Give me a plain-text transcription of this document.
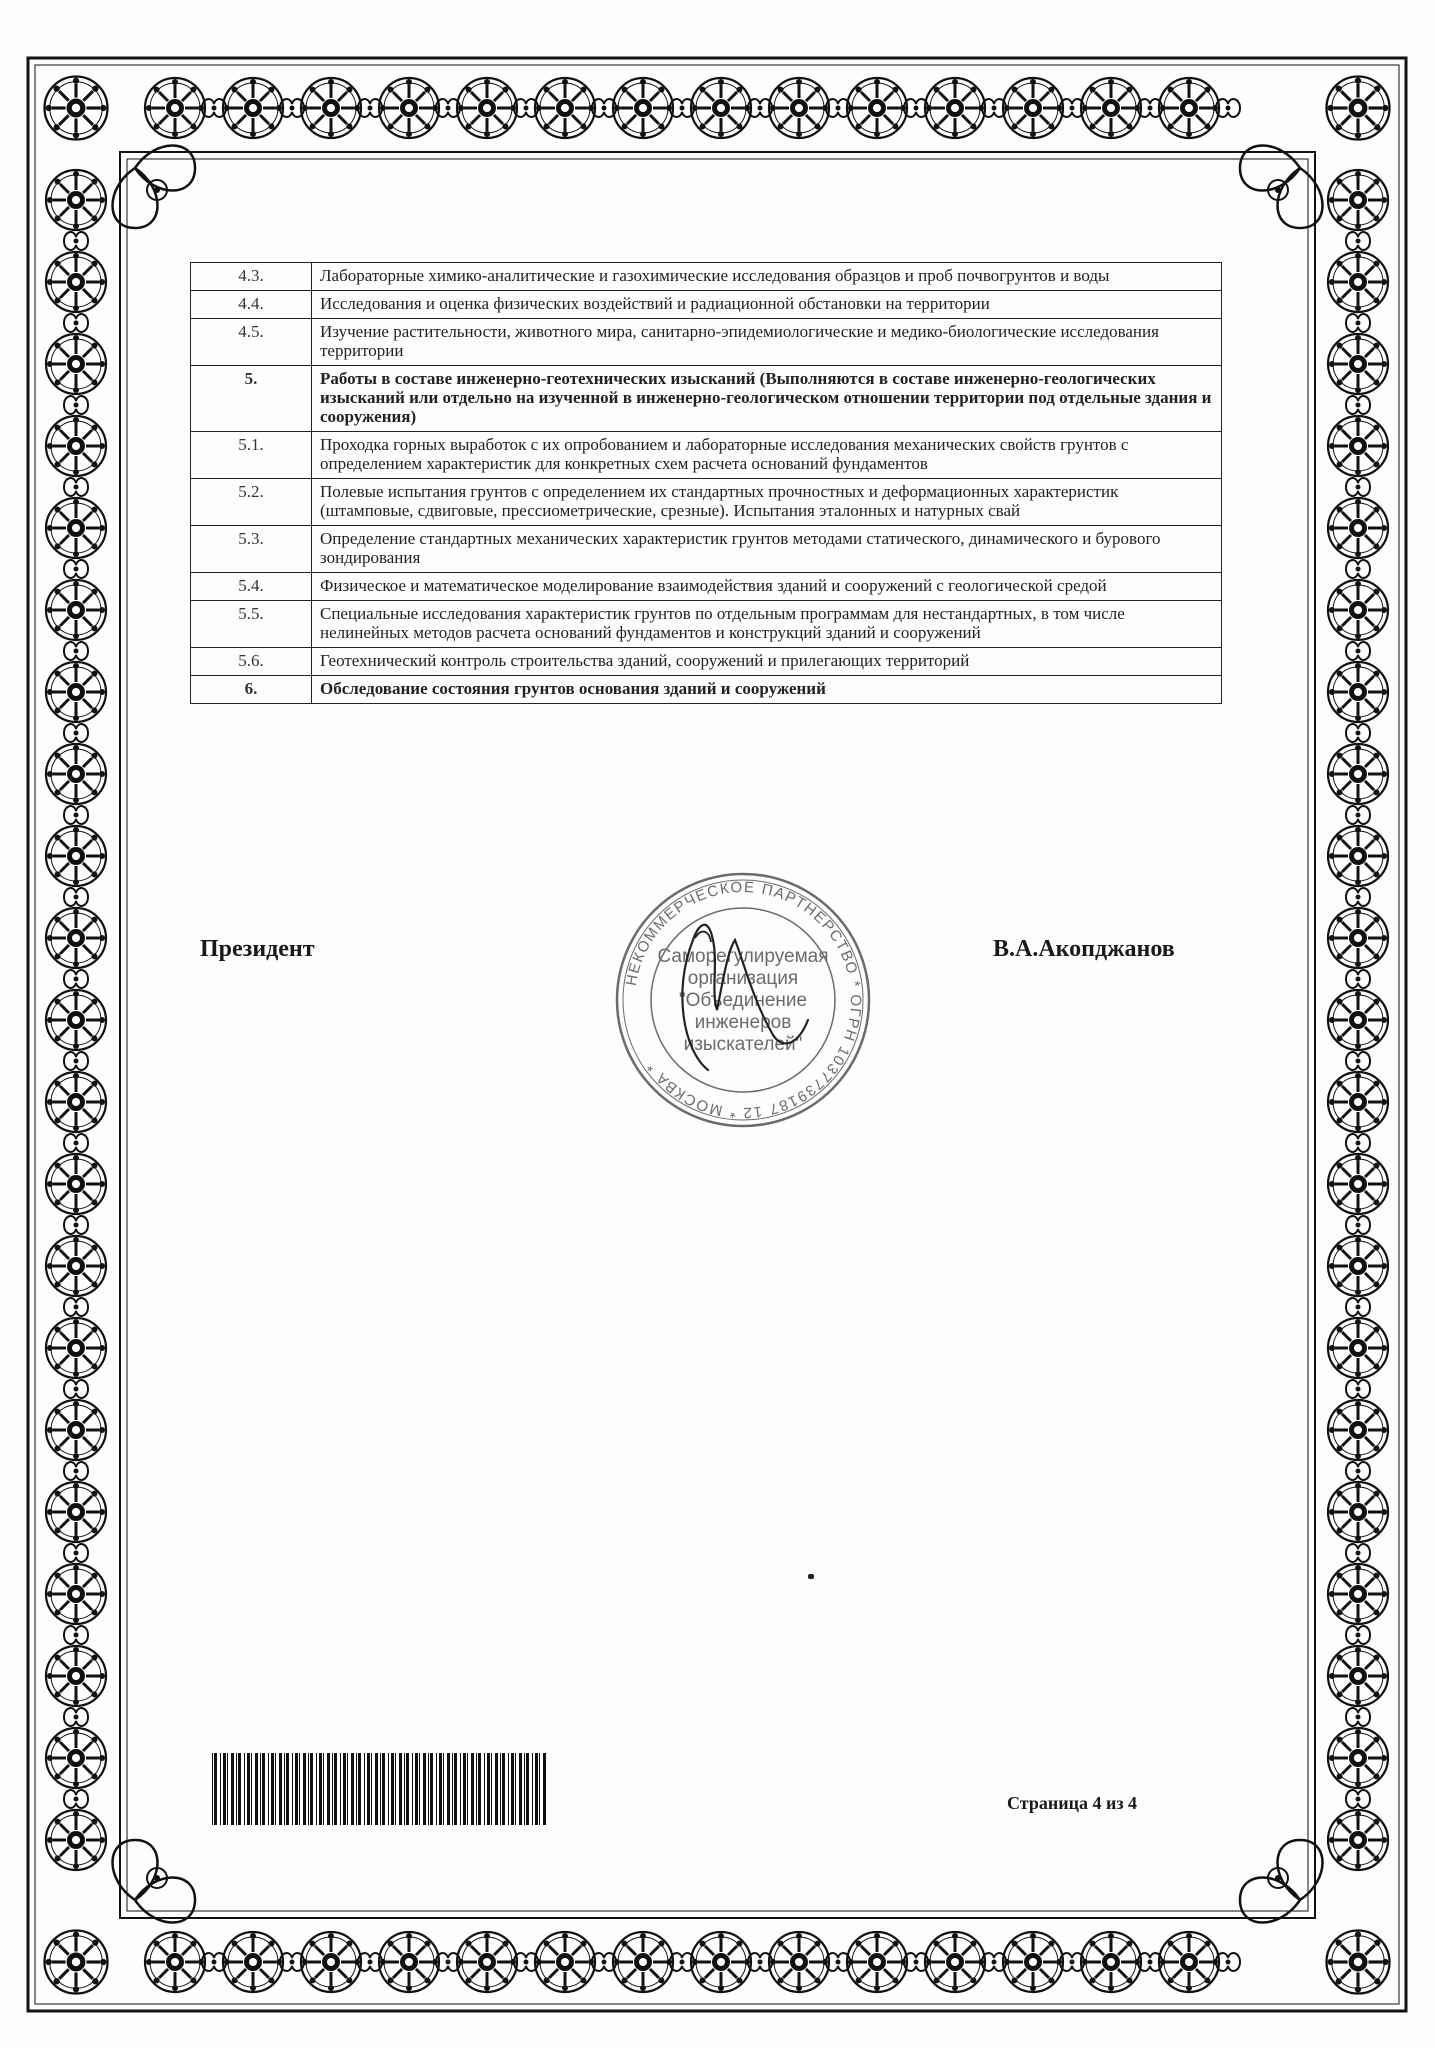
4.3.	Лабораторные химико-аналитические и газохимические исследования образцов и проб почвогрунтов и воды
4.4.	Исследования и оценка физических воздействий и радиационной обстановки на территории
4.5.	Изучение растительности, животного мира, санитарно-эпидемиологические и медико-биологические исследования территории
5.	Работы в составе инженерно-геотехнических изысканий (Выполняются в составе инженерно-геологических изысканий или отдельно на изученной в инженерно-геологическом отношении территории под отдельные здания и сооружения)
5.1.	Проходка горных выработок с их опробованием и лабораторные исследования механических свойств грунтов с определением характеристик для конкретных схем расчета оснований фундаментов
5.2.	Полевые испытания грунтов с определением их стандартных прочностных и деформационных характеристик (штамповые, сдвиговые, прессиометрические, срезные). Испытания эталонных и натурных свай
5.3.	Определение стандартных механических характеристик грунтов методами статического, динамического и бурового зондирования
5.4.	Физическое и математическое моделирование взаимодействия зданий и сооружений с геологической средой
5.5.	Специальные исследования характеристик грунтов по отдельным программам для нестандартных, в том числе нелинейных методов расчета оснований фундаментов и конструкций зданий и сооружений
5.6.	Геотехнический контроль строительства зданий, сооружений и прилегающих территорий
6.	Обследование состояния грунтов основания зданий и сооружений
Президент	В.А.Акопджанов
НЕКОММЕРЧЕСКОЕ ПАРТНЕРСТВО * ОГРН 1037739187 12 * МОСКВА *
Саморегулируемая
организация
"Объединение
инженеров
изыскателей"
Страница 4 из 4
